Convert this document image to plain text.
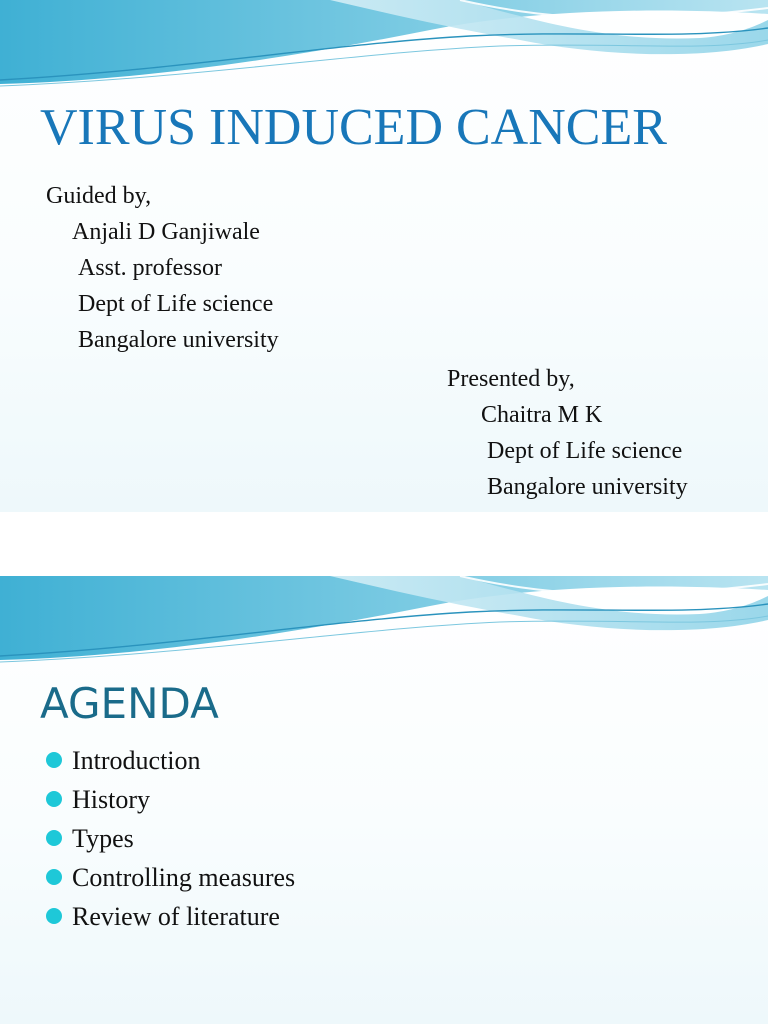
VIRUS INDUCED CANCER

Guided by,

Anjali D Ganjiwale

Asst. professor

Dept of Life science

Bangalore university

Presented by,

Chaitra M K

Dept of Life science

Bangalore university

AGENDA
Introduction
History
Types
Controlling measures
Review of literature
